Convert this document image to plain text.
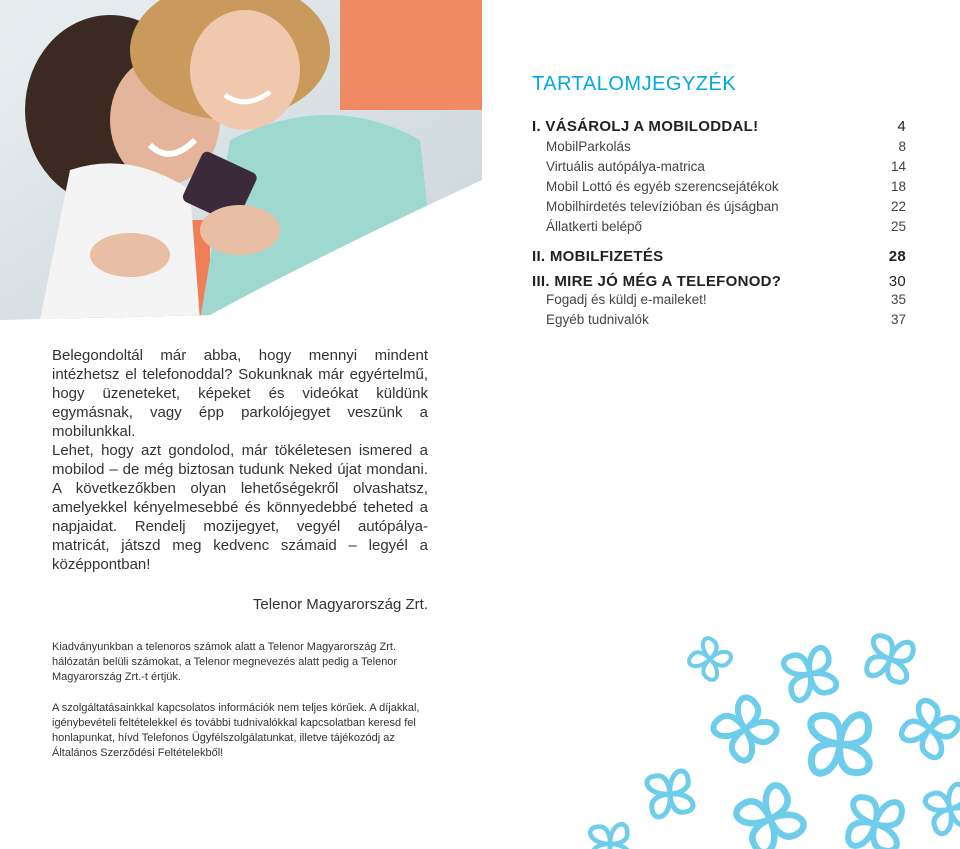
Belegondoltál már abba, hogy mennyi mindent intézhetsz el telefonoddal? Sokunknak már egyértelmű, hogy üzeneteket, képeket és videókat küldünk egymásnak, vagy épp parkolójegyet veszünk a mobilunkkal.

Lehet, hogy azt gondolod, már tökéletesen ismered a mobilod – de még biztosan tudunk Neked újat mondani. A következőkben olyan lehetőségekről olvashatsz, amelyekkel kényelmesebbé és könnyedebbé teheted a napjaidat. Rendelj mozijegyet, vegyél autópálya-matricát, játszd meg kedvenc számaid – legyél a középpontban!

Telenor Magyarország Zrt.

Kiadványunkban a telenoros számok alatt a Telenor Magyarország Zrt. hálózatán belüli számokat, a Telenor megnevezés alatt pedig a Telenor Magyarország Zrt.-t értjük.

A szolgáltatásainkkal kapcsolatos információk nem teljes körűek. A díjakkal, igénybevételi feltételekkel és további tudnivalókkal kapcsolatban keresd fel honlapunkat, hívd Telefonos Ügyfélszolgálatunkat, illetve tájékozódj az Általános Szerződési Feltételekből!

TARTALOMJEGYZÉK
I. VÁSÁROLJ A MOBILODDAL!	4
MobilParkolás	8
Virtuális autópálya-matrica	14
Mobil Lottó és egyéb szerencsejátékok	18
Mobilhirdetés televízióban és újságban	22
Állatkerti belépő	25
II. MOBILFIZETÉS	28
III. MIRE JÓ MÉG A TELEFONOD?	30
Fogadj és küldj e-maileket!	35
Egyéb tudnivalók	37
